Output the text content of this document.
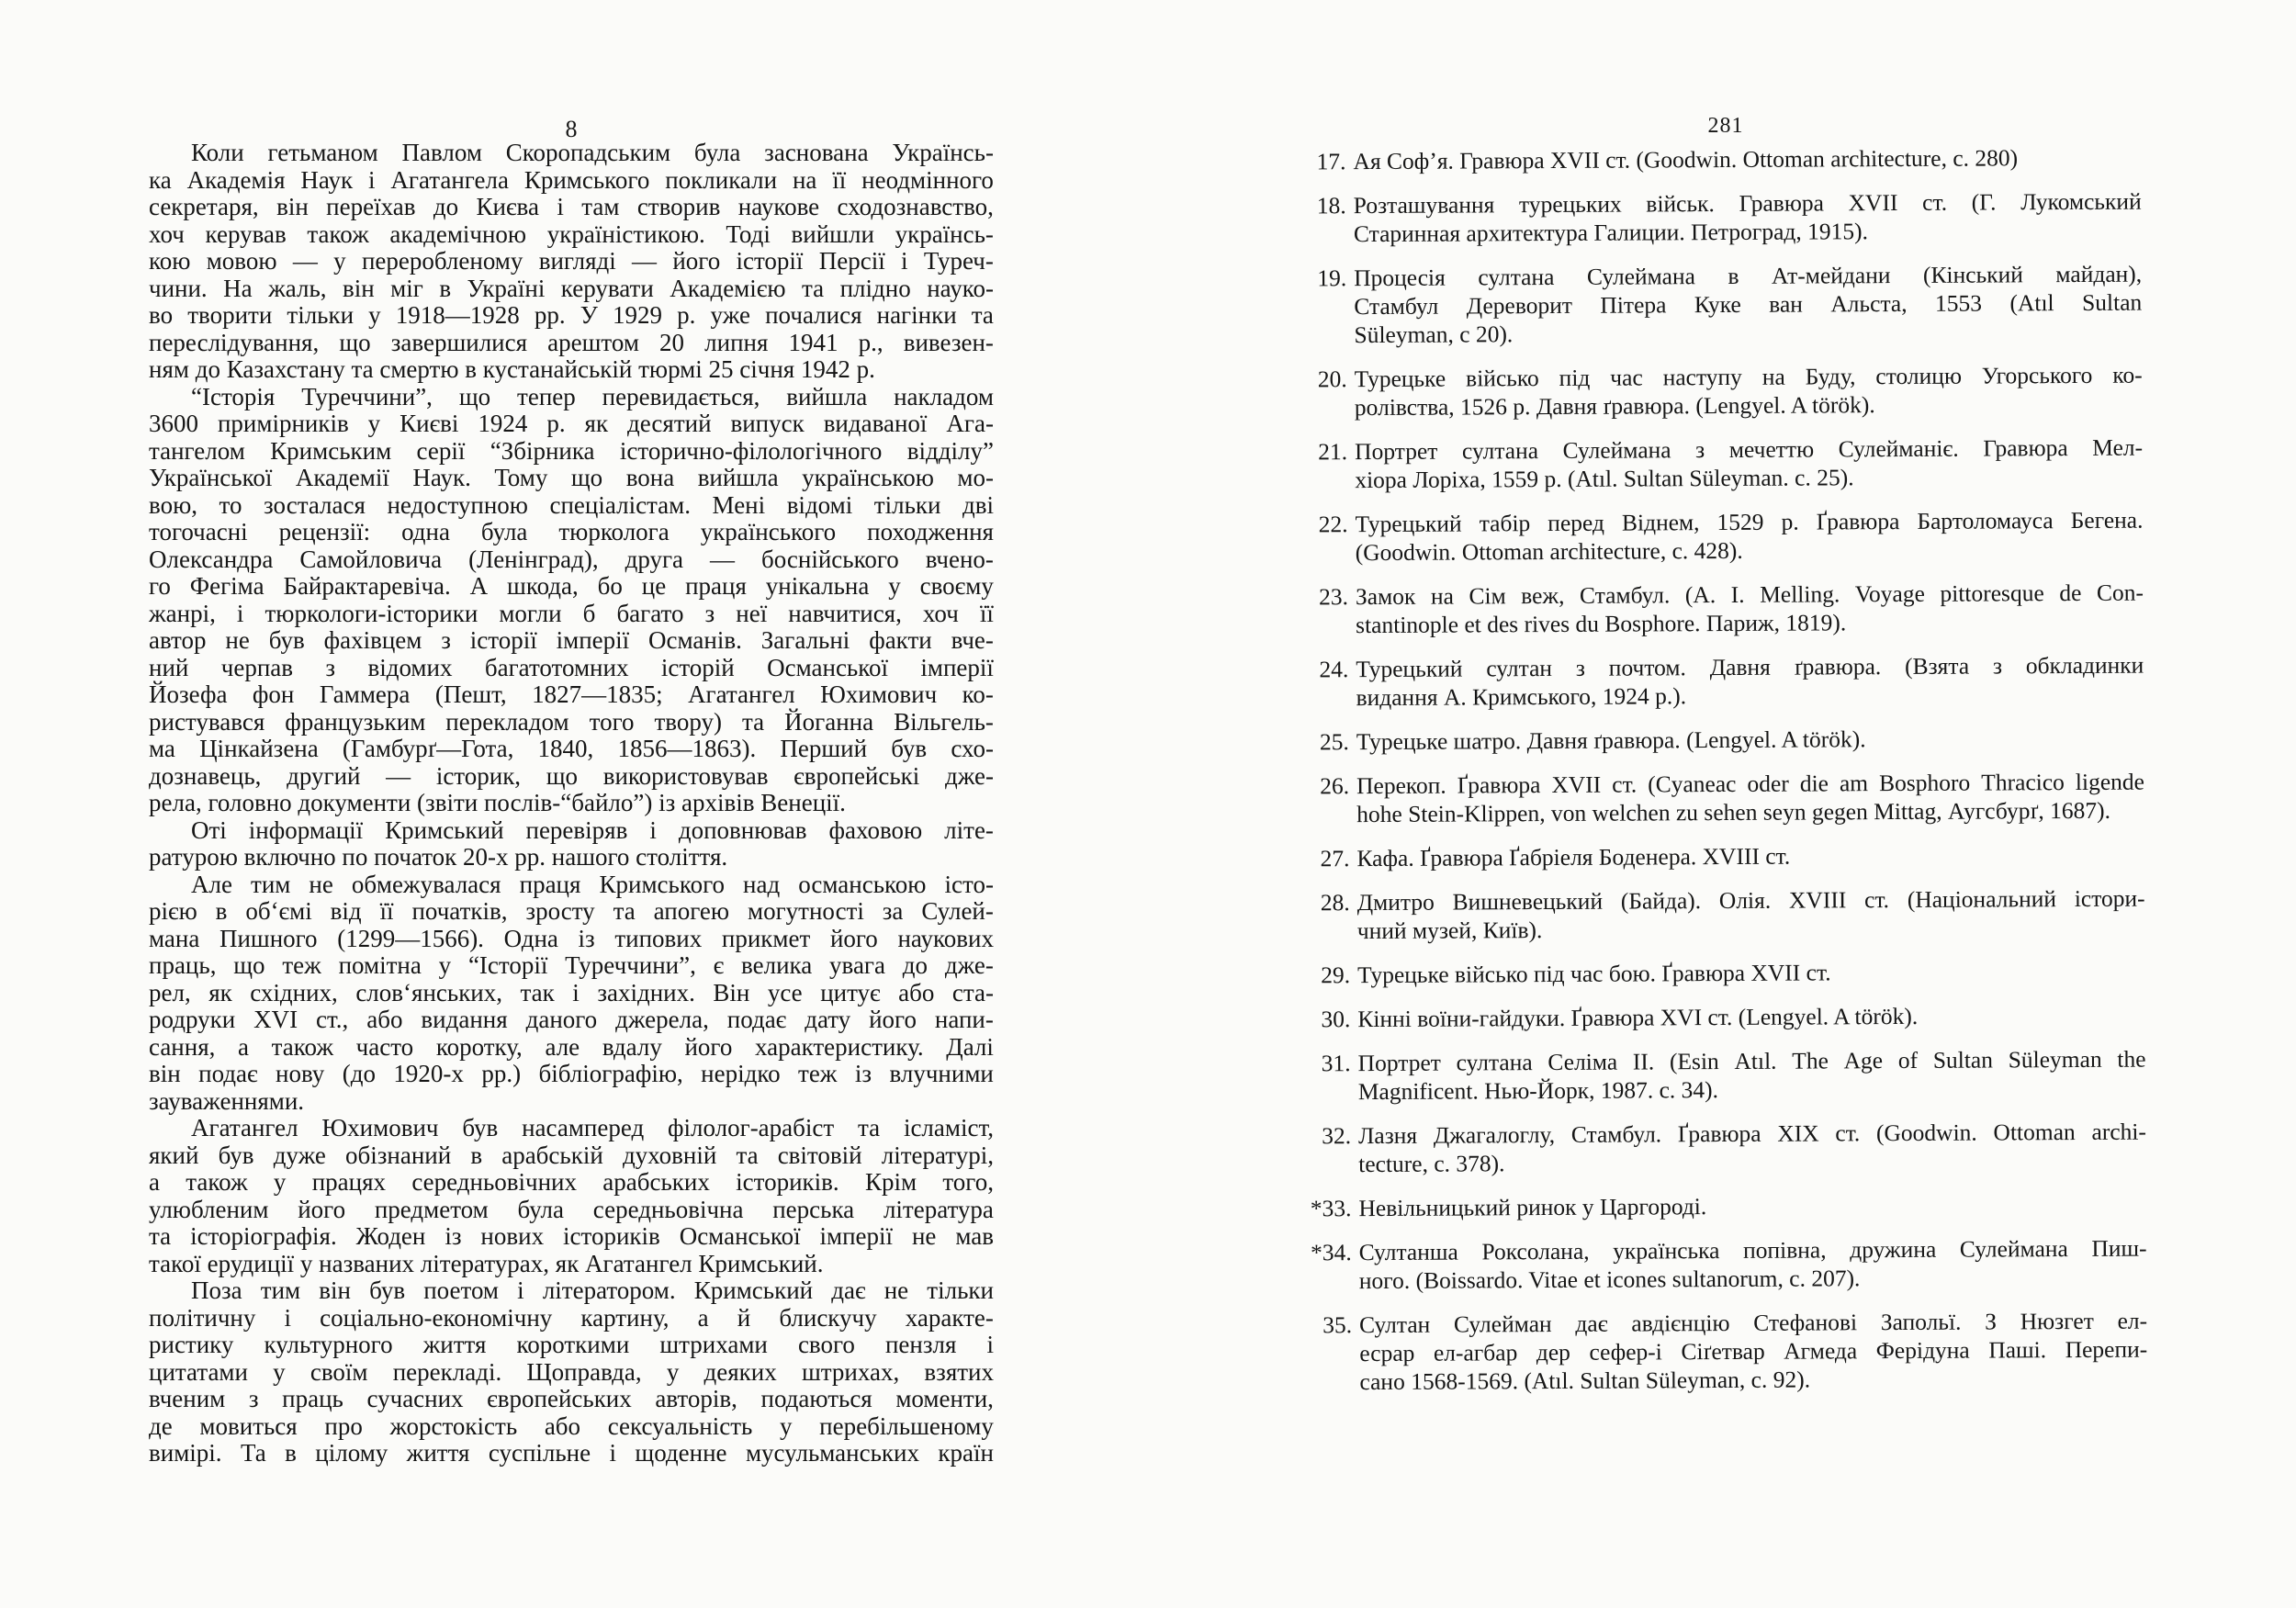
8
Коли гетьманом Павлом Скоропадським була заснована Українсь-
ка Академія Наук і Агатангела Кримського покликали на її неодмінного
секретаря, він переїхав до Києва і там створив наукове сходознавство,
хоч керував також академічною україністикою. Тоді вийшли українсь-
кою мовою — у переробленому вигляді — його історії Персії і Туреч-
чини. На жаль, він міг в Україні керувати Академією та плідно науко-
во творити тільки у 1918—1928 рр. У 1929 р. уже почалися нагінки та
переслідування, що завершилися арештом 20 липня 1941 р., вивезен-
ням до Казахстану та смертю в кустанайській тюрмі 25 січня 1942 р.
“Історія Туреччини”, що тепер перевидається, вийшла накладом
3600 примірників у Києві 1924 р. як десятий випуск видаваної Ага-
тангелом Кримським серії “Збірника історично-філологічного відділу”
Української Академії Наук. Тому що вона вийшла українською мо-
вою, то зосталася недоступною спеціалістам. Мені відомі тільки дві
тогочасні рецензії: одна була тюрколога українського походження
Олександра Самойловича (Ленінград), друга — боснійського вчено-
го Фегіма Байрактаревіча. А шкода, бо це праця унікальна у своєму
жанрі, і тюркологи-історики могли б багато з неї навчитися, хоч її
автор не був фахівцем з історії імперії Османів. Загальні факти вче-
ний черпав з відомих багатотомних історій Османської імперії
Йозефа фон Гаммера (Пешт, 1827—1835; Агатангел Юхимович ко-
ристувався французьким перекладом того твору) та Йоганна Вільгель-
ма Цінкайзена (Гамбурґ—Гота, 1840, 1856—1863). Перший був схо-
дознавець, другий — історик, що використовував європейські дже-
рела, головно документи (звіти послів-“байло”) із архівів Венеції.
Оті інформації Кримський перевіряв і доповнював фаховою літе-
ратурою включно по початок 20-х рр. нашого століття.
Але тим не обмежувалася праця Кримського над османською істо-
рією в об‘ємі від її початків, зросту та апогею могутності за Сулей-
мана Пишного (1299—1566). Одна із типових прикмет його наукових
праць, що теж помітна у “Історії Туреччини”, є велика увага до дже-
рел, як східних, слов‘янських, так і західних. Він усе цитує або ста-
родруки XVI ст., або видання даного джерела, подає дату його напи-
сання, а також часто коротку, але вдалу його характеристику. Далі
він подає нову (до 1920-х рр.) бібліографію, нерідко теж із влучними
зауваженнями.
Агатангел Юхимович був насамперед філолог-арабіст та ісламіст,
який був дуже обізнаний в арабській духовній та світовій літературі,
а також у працях середньовічних арабських істориків. Крім того,
улюбленим його предметом була середньовічна перська література
та історіографія. Жоден із нових істориків Османської імперії не мав
такої ерудиції у названих літературах, як Агатангел Кримський.
Поза тим він був поетом і літератором. Кримський дає не тільки
політичну і соціально-економічну картину, а й блискучу характе-
ристику культурного життя короткими штрихами свого пензля і
цитатами у своїм перекладі. Щоправда, у деяких штрихах, взятих
вченим з праць сучасних європейських авторів, подаються моменти,
де мовиться про жорстокість або сексуальність у перебільшеному
вимірі. Та в цілому життя суспільне і щоденне мусульманських країн
281
17. Ая Соф’я. Гравюра XVII ст. (Goodwin. Ottoman architecture, с. 280)
18. Розташування турецьких військ. Гравюра XVII ст. (Г. Лукомський
Старинная архитектура Галиции. Петроград, 1915).
19. Процесія султана Сулеймана в Ат-мейдани (Кінський майдан),
Стамбул Дереворит Пітера Куке ван Альста, 1553 (Atıl Sultan
Süleyman, с 20).
20. Турецьке військо під час наступу на Буду, столицю Угорського ко-
ролівства, 1526 р. Давня ґравюра. (Lengyel. A török).
21. Портрет султана Сулеймана з мечеттю Сулейманіє. Гравюра Мел-
хіора Лоріха, 1559 р. (Atıl. Sultan Süleyman. с. 25).
22. Турецький табір перед Віднем, 1529 р. Ґравюра Бартоломауса Бегена.
(Goodwin. Ottoman architecture, с. 428).
23. Замок на Сім веж, Стамбул. (A. I. Melling. Voyage pittoresque de Con-
stantinople et des rives du Bosphore. Париж, 1819).
24. Турецький султан з почтом. Давня ґравюра. (Взята з обкладинки
видання А. Кримського, 1924 р.).
25. Турецьке шатро. Давня ґравюра. (Lengyel. A török).
26. Перекоп. Ґравюра XVII ст. (Cyaneac oder die am Bosphoro Thracico ligende
hohe Stein-Klippen, von welchen zu sehen seyn gegen Mittag, Аугсбурґ, 1687).
27. Кафа. Ґравюра Ґабріеля Боденера. XVIII ст.
28. Дмитро Вишневецький (Байда). Олія. XVIII ст. (Національний істори-
чний музей, Київ).
29. Турецьке військо під час бою. Ґравюра XVII ст.
30. Кінні воїни-гайдуки. Ґравюра XVI ст. (Lengyel. A török).
31. Портрет султана Селіма II. (Esin Atıl. The Age of Sultan Süleyman the
Magnificent. Нью-Йорк, 1987. с. 34).
32. Лазня Джагалоглу, Стамбул. Ґравюра XIX ст. (Goodwin. Ottoman archi-
tecture, с. 378).
*33. Невільницький ринок у Царгороді.
*34. Султанша Роксолана, українська попівна, дружина Сулеймана Пиш-
ного. (Boissardo. Vitae et icones sultanorum, с. 207).
35. Султан Сулейман дає авдієнцію Стефанові Запольї. З Нюзгет ел-
есрар ел-агбар дер сефер-і Сіґетвар Агмеда Ферідуна Паші. Перепи-
сано 1568-1569. (Atıl. Sultan Süleyman, с. 92).
